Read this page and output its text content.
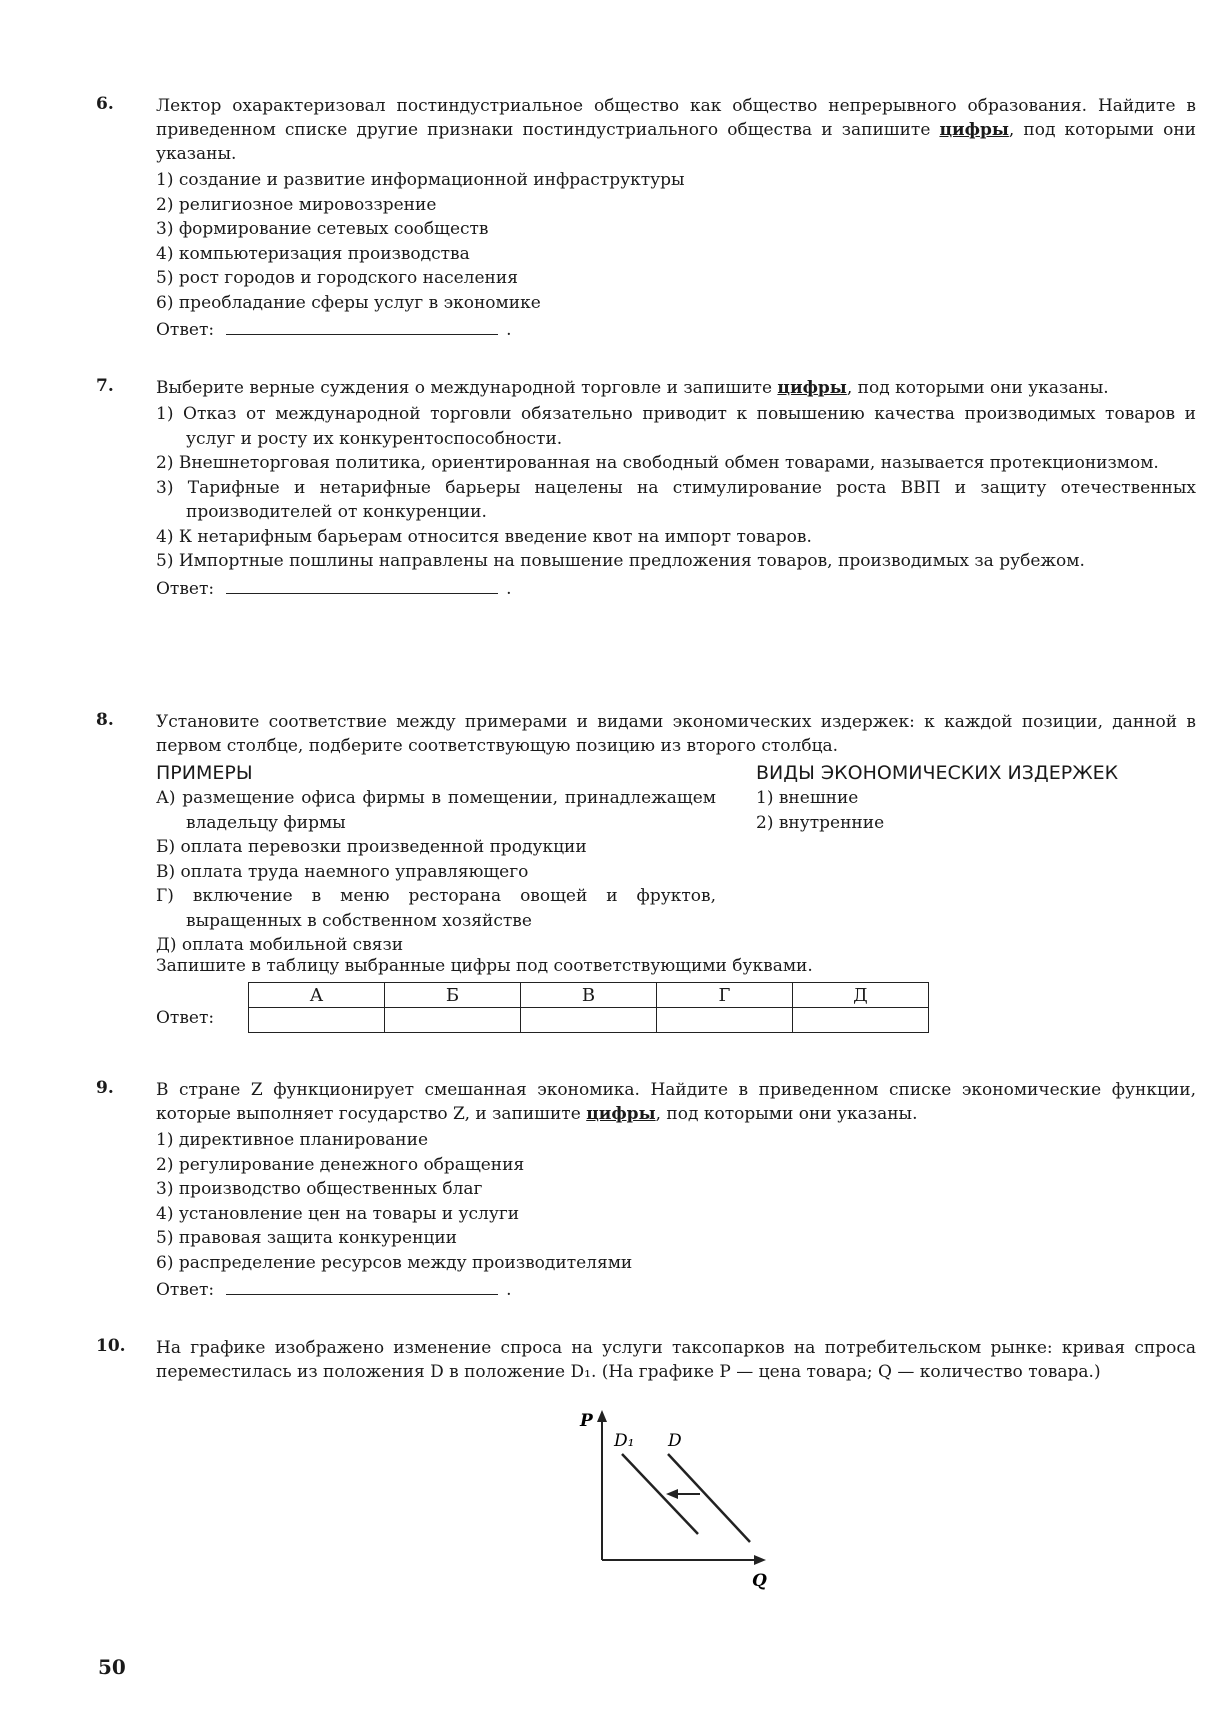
6.	Лектор охарактеризовал постиндустриальное общество как общество непрерывного образования. Найдите в приведенном списке другие признаки постиндустриального общества и запишите цифры, под которыми они указаны.
1) создание и развитие информационной инфраструктуры
2) религиозное мировоззрение
3) формирование сетевых сообществ
4) компьютеризация производства
5) рост городов и городского населения
6) преобладание сферы услуг в экономике
Ответ:	.
7.	Выберите верные суждения о международной торговле и запишите цифры, под которыми они указаны.
1) Отказ от международной торговли обязательно приводит к повышению качества производимых товаров и услуг и росту их конкурентоспособности.
2) Внешнеторговая политика, ориентированная на свободный обмен товарами, называется протекционизмом.
3) Тарифные и нетарифные барьеры нацелены на стимулирование роста ВВП и защиту отечественных производителей от конкуренции.
4) К нетарифным барьерам относится введение квот на импорт товаров.
5) Импортные пошлины направлены на повышение предложения товаров, производимых за рубежом.
Ответ:	.
8.	Установите соответствие между примерами и видами экономических издержек: к каждой позиции, данной в первом столбце, подберите соответствующую позицию из второго столбца.
ПРИМЕРЫ
А) размещение офиса фирмы в помещении, принадлежащем владельцу фирмы
Б) оплата перевозки произведенной продукции
В) оплата труда наемного управляющего
Г) включение в меню ресторана овощей и фруктов, выращенных в собственном хозяйстве
Д) оплата мобильной связи
ВИДЫ ЭКОНОМИЧЕСКИХ ИЗДЕРЖЕК
1) внешние
2) внутренние
Запишите в таблицу выбранные цифры под соответствующими буквами.
Ответ:
А	Б	В	Г	Д

9.	В стране Z функционирует смешанная экономика. Найдите в приведенном списке экономические функции, которые выполняет государство Z, и запишите цифры, под которыми они указаны.
1) директивное планирование
2) регулирование денежного обращения
3) производство общественных благ
4) установление цен на товары и услуги
5) правовая защита конкуренции
6) распределение ресурсов между производителями
Ответ:	.
10.	На графике изображено изменение спроса на услуги таксопарков на потребительском рынке: кривая спроса переместилась из положения D в положение D₁. (На графике P — цена товара; Q — количество товара.)
P
Q
D₁ D
50
